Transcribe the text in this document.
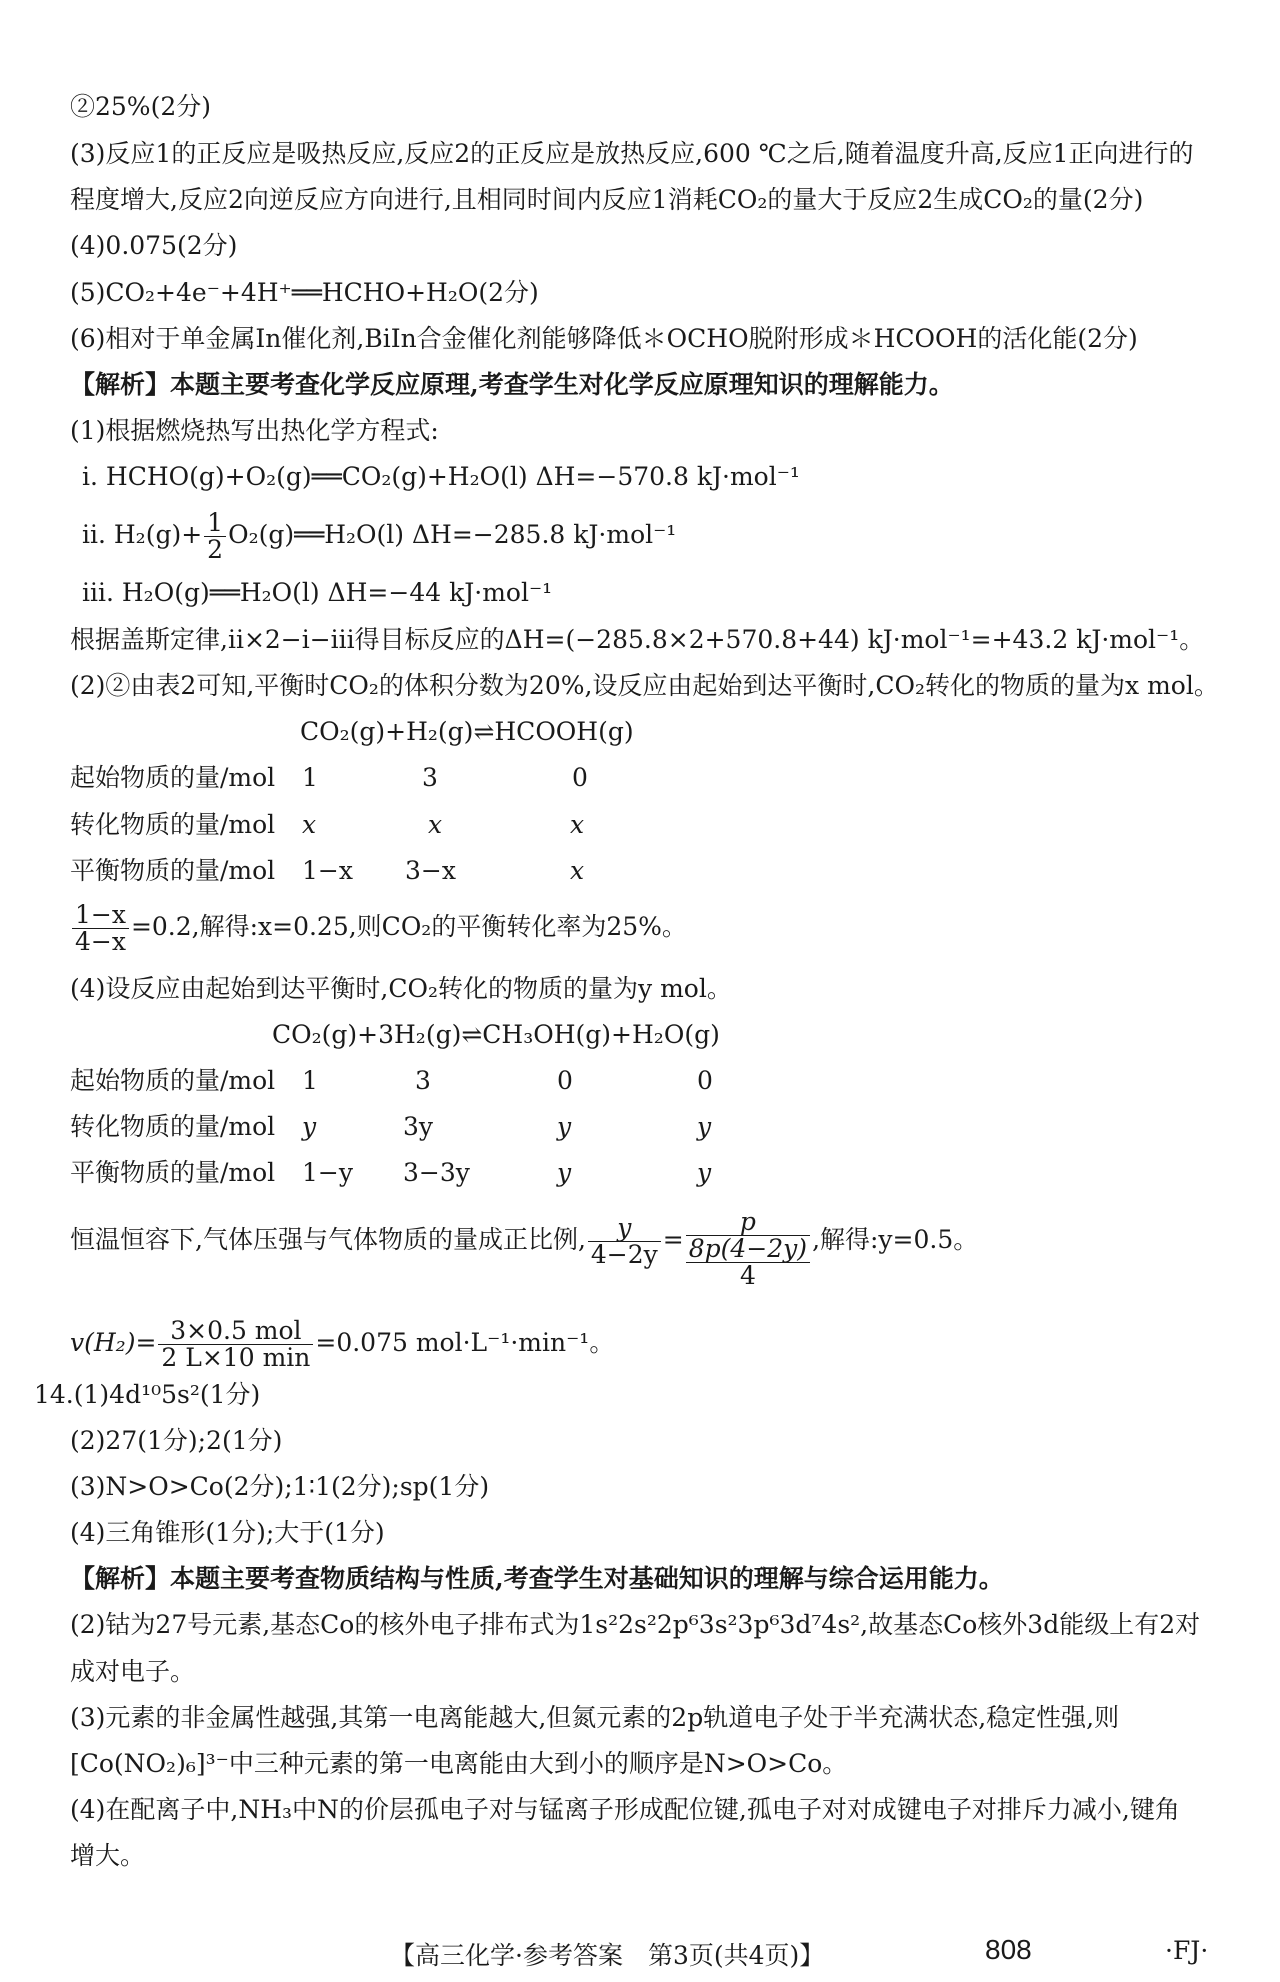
②25%(2分)
(3)反应1的正反应是吸热反应,反应2的正反应是放热反应,600 ℃之后,随着温度升高,反应1正向进行的
程度增大,反应2向逆反应方向进行,且相同时间内反应1消耗CO₂的量大于反应2生成CO₂的量(2分)
(4)0.075(2分)
(5)CO₂+4e⁻+4H⁺══HCHO+H₂O(2分)
(6)相对于单金属In催化剂,BiIn合金催化剂能够降低＊OCHO脱附形成＊HCOOH的活化能(2分)
【解析】本题主要考查化学反应原理,考查学生对化学反应原理知识的理解能力。
(1)根据燃烧热写出热化学方程式:
ⅰ. HCHO(g)+O₂(g)══CO₂(g)+H₂O(l) ΔH=−570.8 kJ·mol⁻¹
ⅱ. $H_2(g)+ \frac{1}{2}$ O₂(g)══H₂O(l) ΔH=−285.8 kJ·mol⁻¹
ⅲ. H₂O(g)══H₂O(l) ΔH=−44 kJ·mol⁻¹
根据盖斯定律,ⅱ×2−ⅰ−ⅲ得目标反应的ΔH=(−285.8×2+570.8+44) kJ·mol⁻¹=+43.2 kJ·mol⁻¹。
(2)②由表2可知,平衡时CO₂的体积分数为20%,设反应由起始到达平衡时,CO₂转化的物质的量为x mol。
CO₂(g)+H₂(g)⇌HCOOH(g)
起始物质的量/mol 1	3	0
转化物质的量/mol x	x	x
平衡物质的量/mol 1−x 3−x	x
$\frac{1-x}{4-x} =0.2$,解得:x=0.25,则CO₂的平衡转化率为25%。
(4)设反应由起始到达平衡时,CO₂转化的物质的量为y mol。
CO₂(g)+3H₂(g)⇌CH₃OH(g)+H₂O(g)
起始物质的量/mol 1	3	0	0
转化物质的量/mol y	3y	y	y
平衡物质的量/mol 1−y 3−3y	y	y
恒温恒容下,气体压强与气体物质的量成正比例, $\frac{y}{4-2y}$ =
p
8p(4−2y)
4
,解得:y=0.5。
$v(H_2)= \frac{\text{3×0.5 mol}}{2 L\times 10 \min} =0.075$ mol·L⁻¹·min⁻¹。
14.(1)4d¹⁰5s²(1分)
(2)27(1分);2(1分)
(3)N>O>Co(2分);1∶1(2分);sp(1分)
(4)三角锥形(1分);大于(1分)
【解析】本题主要考查物质结构与性质,考查学生对基础知识的理解与综合运用能力。
(2)钴为27号元素,基态Co的核外电子排布式为1s²2s²2p⁶3s²3p⁶3d⁷4s²,故基态Co核外3d能级上有2对
成对电子。
(3)元素的非金属性越强,其第一电离能越大,但氮元素的2p轨道电子处于半充满状态,稳定性强,则
[Co(NO₂)₆]³⁻中三种元素的第一电离能由大到小的顺序是N>O>Co。
(4)在配离子中,NH₃中N的价层孤电子对与锰离子形成配位键,孤电子对对成键电子对排斥力减小,键角
增大。
【高三化学·参考答案　第3页(共4页)】	808	·FJ·
